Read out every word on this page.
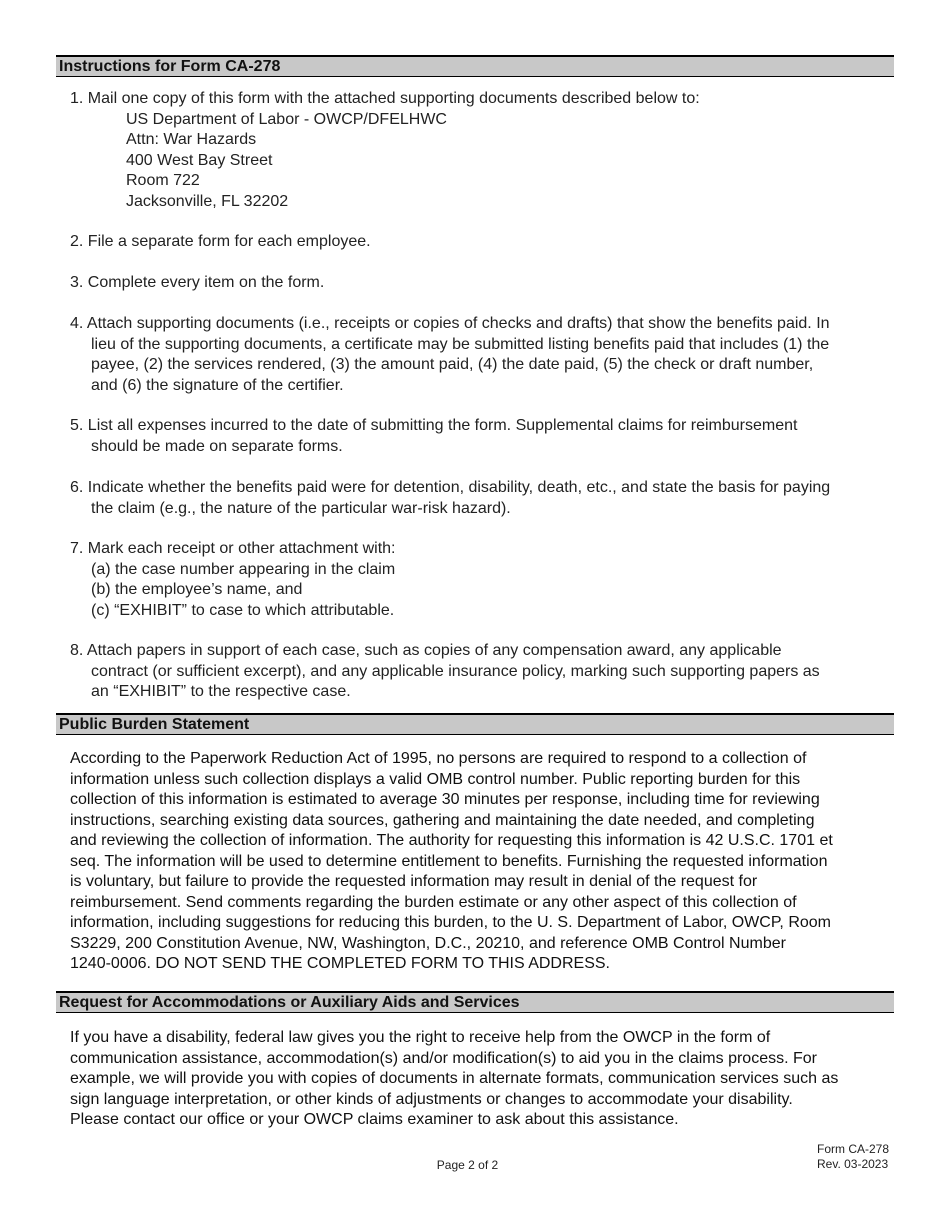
Instructions for Form CA-278
1. Mail one copy of this form with the attached supporting documents described below to:
US Department of Labor - OWCP/DFELHWC
Attn: War Hazards
400 West Bay Street
Room 722
Jacksonville, FL 32202
2. File a separate form for each employee.
3. Complete every item on the form.
4. Attach supporting documents (i.e., receipts or copies of checks and drafts) that show the benefits paid. In
lieu of the supporting documents, a certificate may be submitted listing benefits paid that includes (1) the
payee, (2) the services rendered, (3) the amount paid, (4) the date paid, (5) the check or draft number,
and (6) the signature of the certifier.
5. List all expenses incurred to the date of submitting the form. Supplemental claims for reimbursement
should be made on separate forms.
6. Indicate whether the benefits paid were for detention, disability, death, etc., and state the basis for paying
the claim (e.g., the nature of the particular war-risk hazard).
7. Mark each receipt or other attachment with:
(a) the case number appearing in the claim
(b) the employee’s name, and
(c) “EXHIBIT” to case to which attributable.
8. Attach papers in support of each case, such as copies of any compensation award, any applicable
contract (or sufficient excerpt), and any applicable insurance policy, marking such supporting papers as
an “EXHIBIT” to the respective case.
Public Burden Statement
According to the Paperwork Reduction Act of 1995, no persons are required to respond to a collection of
information unless such collection displays a valid OMB control number. Public reporting burden for this
collection of this information is estimated to average 30 minutes per response, including time for reviewing
instructions, searching existing data sources, gathering and maintaining the date needed, and completing
and reviewing the collection of information. The authority for requesting this information is 42 U.S.C. 1701 et
seq. The information will be used to determine entitlement to benefits. Furnishing the requested information
is voluntary, but failure to provide the requested information may result in denial of the request for
reimbursement. Send comments regarding the burden estimate or any other aspect of this collection of
information, including suggestions for reducing this burden, to the U. S. Department of Labor, OWCP, Room
S3229, 200 Constitution Avenue, NW, Washington, D.C., 20210, and reference OMB Control Number
1240-0006. DO NOT SEND THE COMPLETED FORM TO THIS ADDRESS.
Request for Accommodations or Auxiliary Aids and Services
If you have a disability, federal law gives you the right to receive help from the OWCP in the form of
communication assistance, accommodation(s) and/or modification(s) to aid you in the claims process. For
example, we will provide you with copies of documents in alternate formats, communication services such as
sign language interpretation, or other kinds of adjustments or changes to accommodate your disability.
Please contact our office or your OWCP claims examiner to ask about this assistance.
Form CA-278
Rev. 03-2023
Page 2 of 2
